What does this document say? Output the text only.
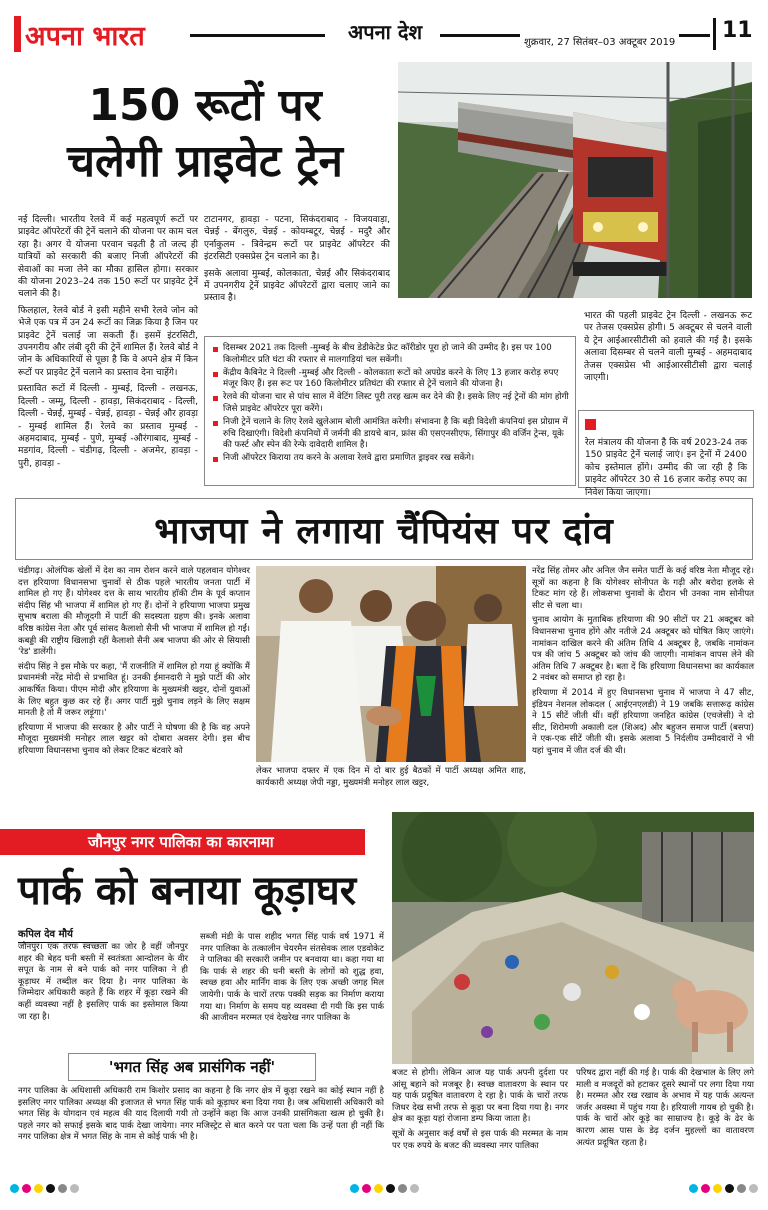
अपना भारत	अपना देश	शुक्रवार, 27 सितंबर–03 अक्टूबर 2019 11
150 रूटों पर
चलेगी प्राइवेट ट्रेन

नई दिल्ली। भारतीय रेलवे में कई महत्वपूर्ण रूटों पर प्राइवेट ऑपरेटरों की ट्रेनें चलाने की योजना पर काम चल रहा है। अगर ये योजना परवान चढ़ती है तो जल्द ही यात्रियों को सरकारी की बजाए निजी ऑपरेटरों की सेवाओं का मजा लेने का मौका हासिल होगा। सरकार की योजना 2023–24 तक 150 रूटों पर प्राइवेट ट्रेनें चलाने की है।

फिलहाल, रेलवे बोर्ड ने इसी महीने सभी रेलवे जोन को भेजे एक पत्र में उन 24 रूटों का जिक्र किया है जिन पर प्राइवेट ट्रेनें चलाई जा सकती हैं। इसमें इंटरसिटी, उपनगरीय और लंबी दूरी की ट्रेनें शामिल हैं। रेलवे बोर्ड ने जोन के अधिकारियों से पूछा है कि वे अपने क्षेत्र में किन रूटों पर प्राइवेट ट्रेनें चलाने का प्रस्ताव देना चाहेंगे।

प्रस्तावित रूटों में दिल्ली - मुम्बई, दिल्ली - लखनऊ, दिल्ली - जम्मू, दिल्ली - हावड़ा, सिकंदराबाद - दिल्ली, दिल्ली - चेन्नई, मुम्बई - चेन्नई, हावड़ा - चेन्नई और हावड़ा - मुम्बई शामिल हैं। रेलवे का प्रस्ताव मुम्बई - अहमदाबाद, मुम्बई - पुणे, मुम्बई -औरंगाबाद, मुम्बई - मडगांव, दिल्ली - चंडीगढ़, दिल्ली - अजमेर, हावड़ा - पुरी, हावड़ा -

टाटानगर, हावड़ा - पटना, सिकंदराबाद - विजयवाड़ा, चेन्नई - बेंगलुरु, चेन्नई - कोयम्बटूर, चेन्नई - मदुरै और एर्नाकुलम - त्रिवेन्द्रम रूटों पर प्राइवेट ऑपरेटर की इंटरसिटी एक्सप्रेस ट्रेन चलाने का है।

इसके अलावा मुम्बई, कोलकाता, चेन्नई और सिकंदराबाद में उपनगरीय ट्रेनें प्राइवेट ऑपरेटरों द्वारा चलाए जाने का प्रस्ताव है।

दिसम्बर 2021 तक दिल्ली -मुम्बई के बीच डेडीकेटेड फ्रेट कॉरीडोर पूरा हो जाने की उम्मीद है। इस पर 100 किलोमीटर प्रति घंटा की रफ्तार से मालगाड़ियां चल सकेंगी।
केंद्रीय कैबिनेट ने दिल्ली -मुम्बई और दिल्ली - कोलकाता रूटों को अपग्रेड करने के लिए 13 हजार करोड़ रुपए मंजूर किए हैं। इस रूट पर 160 किलोमीटर प्रतिघंटा की रफ्तार से ट्रेनें चलाने की योजना है।
रेलवे की योजना चार से पांच साल में वेटिंग लिस्ट पूरी तरह खत्म कर देने की है। इसके लिए नई ट्रेनों की मांग होगी जिसे प्राइवेट ऑपरेटर पूरा करेंगे।
निजी ट्रेनें चलाने के लिए रेलवे खुलेआम बोली आमंत्रित करेगी। संभावना है कि बड़ी विदेशी कंपनियां इस प्रोग्राम में रुचि दिखाएंगी। विदेशी कंपनियों में जर्मनी की डायचे बान, फ्रांस की एसएनसीएफ, सिंगापुर की वर्जिन ट्रेन्स, यूके की फर्स्ट और स्पेन की रेन्फे दावेदारी शामिल है।
निजी ऑपरेटर किराया तय करने के अलावा रेलवे द्वारा प्रमाणित ड्राइवर रख सकेंगे।

भारत की पहली प्राइवेट ट्रेन दिल्ली - लखनऊ रूट पर तेजस एक्सप्रेस होगी। 5 अक्टूबर से चलने वाली ये ट्रेन आईआरसीटीसी को हवाले की गई है। इसके अलावा दिसम्बर से चलने वाली मुम्बई - अहमदाबाद तेजस एक्सप्रेस भी आईआरसीटीसी द्वारा चलाई जाएगी।

रेल मंत्रालय की योजना है कि वर्ष 2023-24 तक 150 प्राइवेट ट्रेनें चलाई जाएं। इन ट्रेनों में 2400 कोच इस्तेमाल होंगे। उम्मीद की जा रही है कि प्राइवेट ऑपरेटर 30 से 16 हजार करोड़ रुपए का निवेश किया जाएगा।

भाजपा ने लगाया चैंपियंस पर दांव

चंडीगढ़। ओलंपिक खेलों में देश का नाम रोशन करने वाले पहलवान योगेश्वर दत्त हरियाणा विधानसभा चुनावों से ठीक पहले भारतीय जनता पार्टी में शामिल हो गए हैं। योगेश्वर दत्त के साथ भारतीय हॉकी टीम के पूर्व कप्तान संदीप सिंह भी भाजपा में शामिल हो गए हैं। दोनों ने हरियाणा भाजपा प्रमुख सुभाष बराला की मौजूदगी में पार्टी की सदस्यता ग्रहण की। इनके अलावा वरिष्ठ कांग्रेस नेता और पूर्व सांसद कैलाशो सैनी भी भाजपा में शामिल हो गईं। कबड्डी की राष्ट्रीय खिलाड़ी रहीं कैलाशो सैनी अब भाजपा की ओर से सियासी 'रेड' डालेंगी।

संदीप सिंह ने इस मौके पर कहा, 'मैं राजनीति में शामिल हो गया हूं क्योंकि मैं प्रधानमंत्री नरेंद्र मोदी से प्रभावित हूं। उनकी ईमानदारी ने मुझे पार्टी की ओर आकर्षित किया। पीएम मोदी और हरियाणा के मुख्यमंत्री खट्टर, दोनों युवाओं के लिए बहुत कुछ कर रहे हैं। अगर पार्टी मुझे चुनाव लड़ने के लिए सक्षम मानती है तो मैं जरूर लड़ूंगा।'

हरियाणा में भाजपा की सरकार है और पार्टी ने घोषणा की है कि वह अपने मौजूदा मुख्यमंत्री मनोहर लाल खट्टर को दोबारा अवसर देगी। इस बीच हरियाणा विधानसभा चुनाव को लेकर टिकट बंटवारे को

लेकर भाजपा दफ्तर में एक दिन में दो बार हुई बैठकों में पार्टी अध्यक्ष अमित शाह, कार्यकारी अध्यक्ष जेपी नड्डा, मुख्यमंत्री मनोहर लाल खट्टर,

नरेंद्र सिंह तोमर और अनिल जैन समेत पार्टी के कई वरिष्ठ नेता मौजूद रहे। सूत्रों का कहना है कि योगेश्वर सोनीपत के गढ़ी और बरोदा हलके से टिकट मांग रहे हैं। लोकसभा चुनावों के दौरान भी उनका नाम सोनीपत सीट से चला था।

चुनाव आयोग के मुताबिक हरियाणा की 90 सीटों पर 21 अक्टूबर को विधानसभा चुनाव होंगे और नतीजे 24 अक्टूबर को घोषित किए जाएंगे। नामांकन दाखिल करने की अंतिम तिथि 4 अक्टूबर है, जबकि नामांकन पत्र की जांच 5 अक्टूबर को जांच की जाएगी। नामांकन वापस लेने की अंतिम तिथि 7 अक्टूबर है। बता दें कि हरियाणा विधानसभा का कार्यकाल 2 नवंबर को समाप्त हो रहा है।

हरियाणा में 2014 में हुए विधानसभा चुनाव में भाजपा ने 47 सीट, इंडियन नेशनल लोकदल ( आईएनएलडी) ने 19 जबकि सत्तारूढ़ कांग्रेस ने 15 सीटें जीती थीं। वहीं हरियाणा जनहित कांग्रेस (एचजेसी) ने दो सीट, शिरोमणी अकाली दल (शिअद) और बहुजन समाज पार्टी (बसपा) ने एक-एक सीटें जीती थी। इसके अलावा 5 निर्दलीय उम्मीदवारों ने भी यहां चुनाव में जीत दर्ज की थी।

जौनपुर नगर पालिका का कारनामा
पार्क को बनाया कूड़ाघर
कपिल देव मौर्य

जौनपुर। एक तरफ स्वच्छता का जोर है वहीं जौनपुर शहर की बेहद घनी बस्ती में स्वतंत्रता आन्दोलन के वीर सपूत के नाम से बने पार्क को नगर पालिका ने ही कूड़ाघर में तब्दील कर दिया है। नगर पालिका के जिम्मेदार अधिकारी कहते हैं कि शहर में कूड़ा रखने की कहीं व्यवस्था नहीं है इसलिए पार्क का इस्तेमाल किया जा रहा है।

सब्जी मंडी के पास शहीद भगत सिंह पार्क वर्ष 1971 में नगर पालिका के तत्कालीन चेयरमैन संतसेवक लाल एडवोकेट ने पालिका की सरकारी जमीन पर बनवाया था। कहा गया था कि पार्क से शहर की घनी बस्ती के लोगों को शुद्ध हवा, स्वच्छ हवा और मार्निंग वाक के लिए एक अच्छी जगह मिल जायेगी। पार्क के चारों तरफ पक्की सड़क का निर्माण कराया गया था। निर्माण के समय यह व्यवस्था दी गयी कि इस पार्क की आजीवन मरम्मत एवं देखरेख नगर पालिका के

'भगत सिंह अब प्रासंगिक नहीं'

नगर पालिका के अधिशासी अधिकारी राम किशोर प्रसाद का कहना है कि नगर क्षेत्र में कूड़ा रखने का कोई स्थान नहीं है इसलिए नगर पालिका अध्यक्ष की इजाजत से भगत सिंह पार्क को कूड़ाघर बना दिया गया है। जब अधिशासी अधिकारी को भगत सिंह के योगदान एवं महत्व की याद दिलायी गयी तो उन्होंने कहा कि आज उनकी प्रासंगिकता खत्म हो चुकी है। पहले नगर को सफाई इसके बाद पार्क देखा जायेगा। नगर मजिस्ट्रेट से बात करने पर पता चला कि उन्हें पता ही नहीं कि नगर पालिका क्षेत्र में भगत सिंह के नाम से कोई पार्क भी है।

बजट से होगी। लेकिन आज यह पार्क अपनी दुर्दशा पर आंसू बहाने को मजबूर है। स्वच्छ वातावरण के स्थान पर यह पार्क प्रदूषित वातावरण दे रहा है। पार्क के चारों तरफ जिधर देख सभी तरफ से कूड़ा पर बना दिया गया है। नगर क्षेत्र का कूड़ा यहां रोजाना डम्प किया जाता है।

सूत्रों के अनुसार कई वर्षों से इस पार्क की मरम्मत के नाम पर एक रुपये के बजट की व्यवस्था नगर पालिका

परिषद द्वारा नहीं की गई है। पार्क की देखभाल के लिए लगे माली व मजदूरों को हटाकर दूसरे स्थानों पर लगा दिया गया है। मरम्मत और रख रखाव के अभाव में यह पार्क अत्यन्त जर्जर अवस्था में पहुंच गया है। हरियाली गायब हो चुकी है। पार्क के चारों ओर कूड़े का साम्राज्य है। कूड़े के ढेर के कारण आस पास के डेढ़ दर्जन मुहल्लों का वातावरण अत्यंत प्रदूषित रहता है।
